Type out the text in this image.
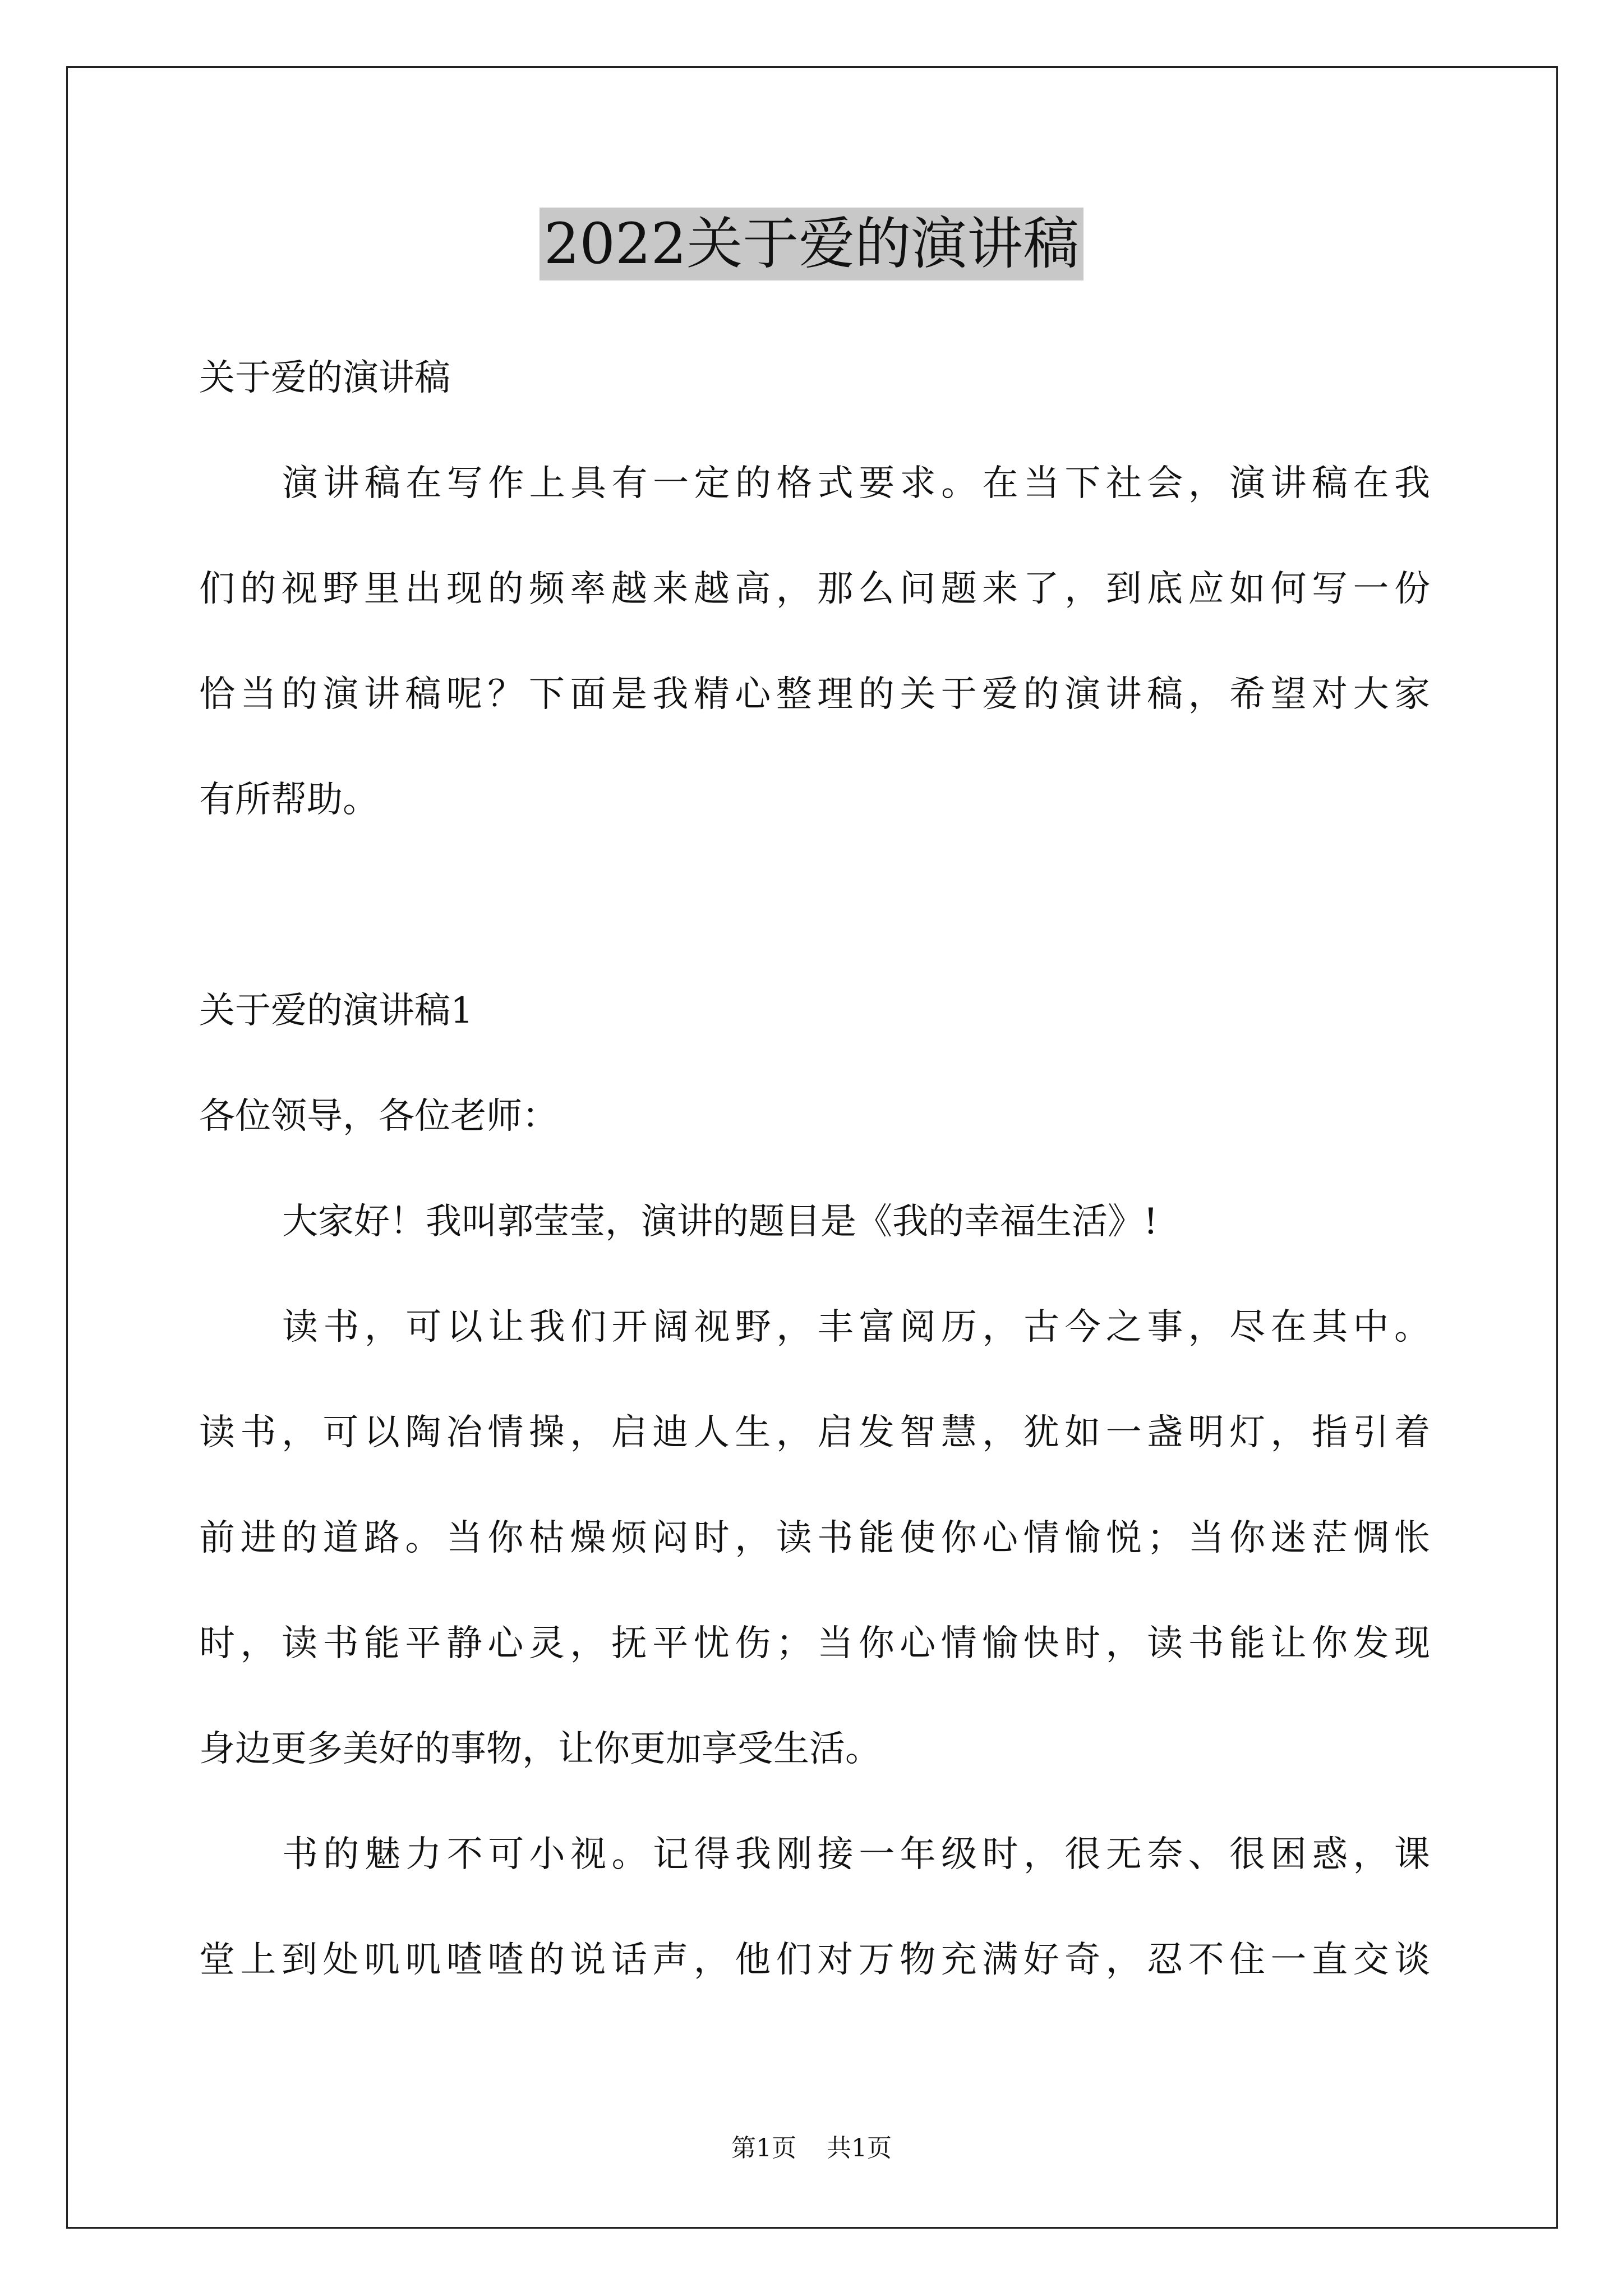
2022关于爱的演讲稿
关于爱的演讲稿
演讲稿在写作上具有一定的格式要求。在当下社会，演讲稿在我
们的视野里出现的频率越来越高，那么问题来了，到底应如何写一份
恰当的演讲稿呢？下面是我精心整理的关于爱的演讲稿，希望对大家
有所帮助。
关于爱的演讲稿1
各位领导，各位老师：
大家好！我叫郭莹莹，演讲的题目是《我的幸福生活》!
读书，可以让我们开阔视野，丰富阅历，古今之事，尽在其中。
读书，可以陶冶情操，启迪人生，启发智慧，犹如一盏明灯，指引着
前进的道路。当你枯燥烦闷时，读书能使你心情愉悦；当你迷茫惆怅
时，读书能平静心灵，抚平忧伤；当你心情愉快时，读书能让你发现
身边更多美好的事物，让你更加享受生活。
书的魅力不可小视。记得我刚接一年级时，很无奈、很困惑，课
堂上到处叽叽喳喳的说话声，他们对万物充满好奇，忍不住一直交谈
第1页 共1页
